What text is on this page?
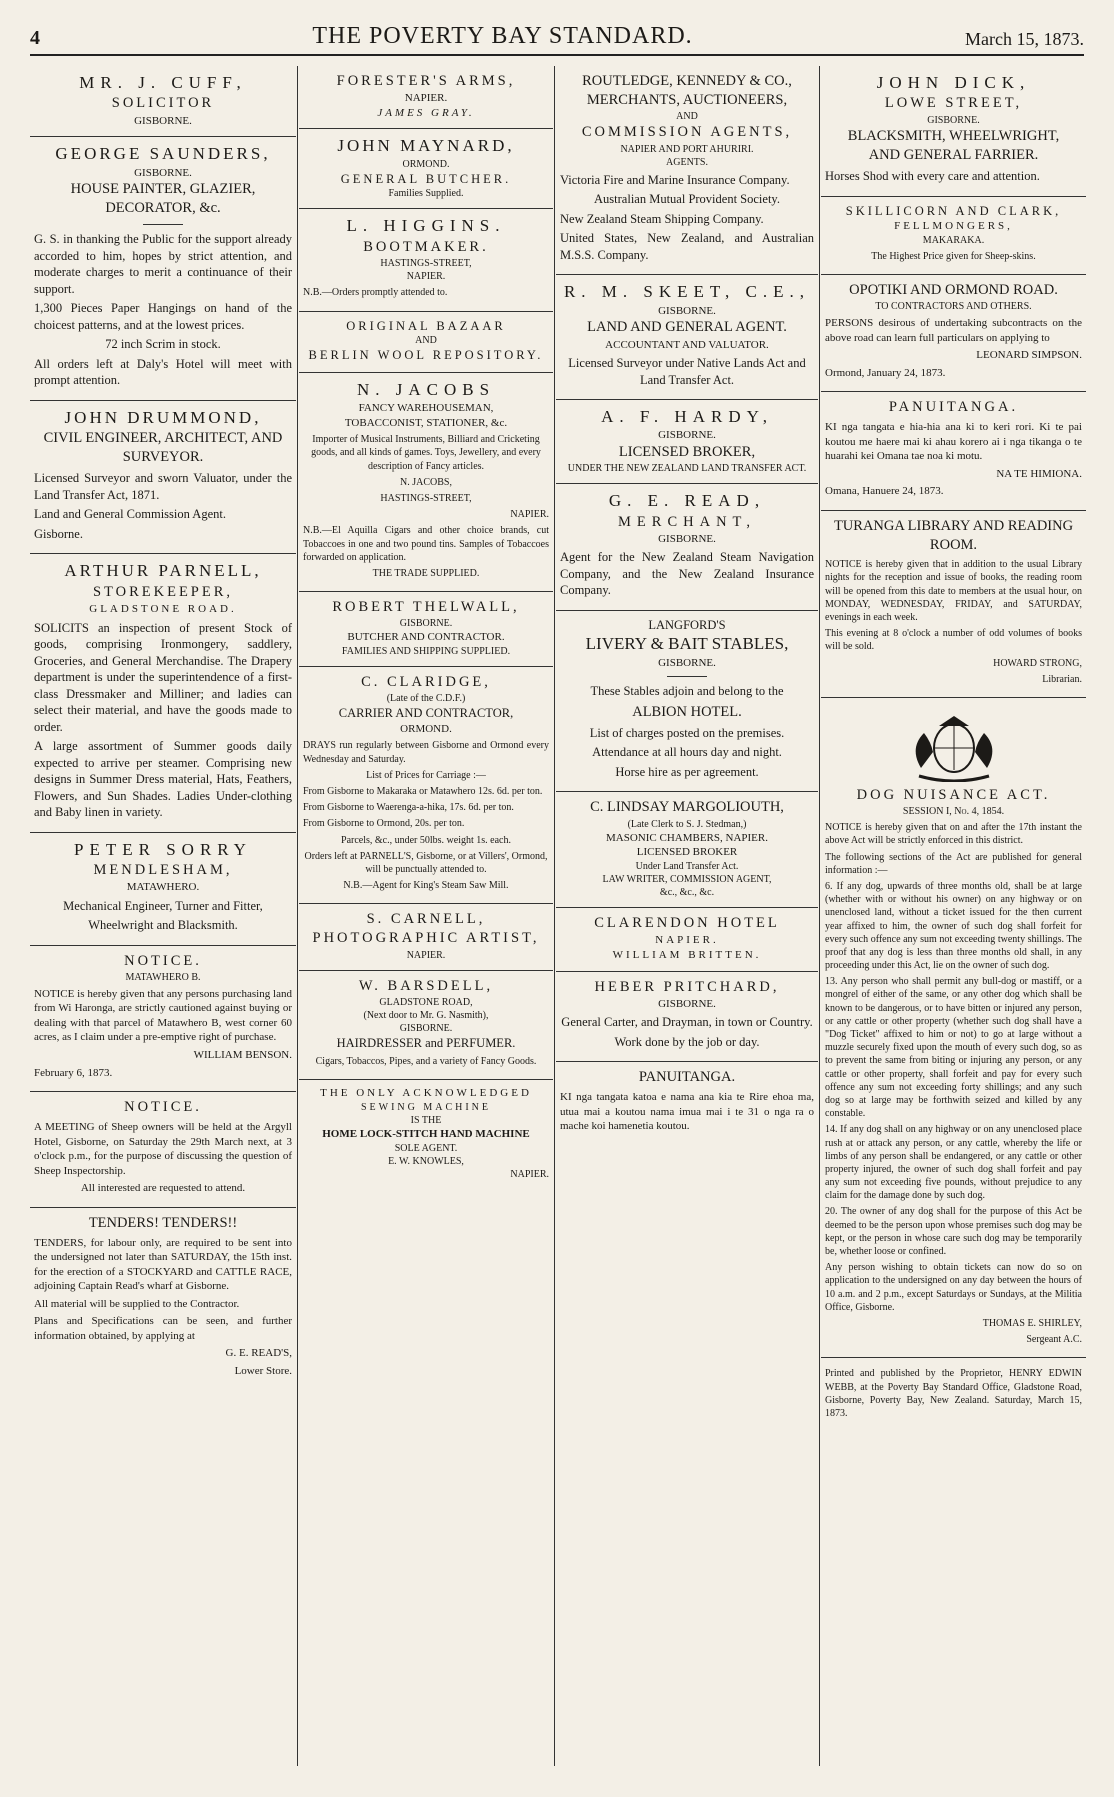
4	THE POVERTY BAY STANDARD.	March 15, 1873.
MR. J. CUFF,
SOLICITOR
GISBORNE.
GEORGE SAUNDERS,
GISBORNE.
HOUSE PAINTER, GLAZIER,
DECORATOR, &c.

G. S. in thanking the Public for the support already accorded to him, hopes by strict attention, and moderate charges to merit a continuance of their support.

1,300 Pieces Paper Hangings on hand of the choicest patterns, and at the lowest prices.

72 inch Scrim in stock.

All orders left at Daly's Hotel will meet with prompt attention.

JOHN DRUMMOND,
CIVIL ENGINEER, ARCHITECT, AND SURVEYOR.

Licensed Surveyor and sworn Valuator, under the Land Transfer Act, 1871.

Land and General Commission Agent.

Gisborne.

ARTHUR PARNELL,
STOREKEEPER,
GLADSTONE ROAD.

SOLICITS an inspection of present Stock of goods, comprising Ironmongery, saddlery, Groceries, and General Merchandise. The Drapery department is under the superintendence of a first-class Dressmaker and Milliner; and ladies can select their material, and have the goods made to order.

A large assortment of Summer goods daily expected to arrive per steamer. Comprising new designs in Summer Dress material, Hats, Feathers, Flowers, and Sun Shades. Ladies Under-clothing and Baby linen in variety.

PETER SORRY
MENDLESHAM,
MATAWHERO.

Mechanical Engineer, Turner and Fitter,

Wheelwright and Blacksmith.

NOTICE.
MATAWHERO B.

NOTICE is hereby given that any persons purchasing land from Wi Haronga, are strictly cautioned against buying or dealing with that parcel of Matawhero B, west corner 60 acres, as I claim under a pre-emptive right of purchase.

WILLIAM BENSON.

February 6, 1873.

NOTICE.

A MEETING of Sheep owners will be held at the Argyll Hotel, Gisborne, on Saturday the 29th March next, at 3 o'clock p.m., for the purpose of discussing the question of Sheep Inspectorship.

All interested are requested to attend.

TENDERS! TENDERS!!

TENDERS, for labour only, are required to be sent into the undersigned not later than SATURDAY, the 15th inst. for the erection of a STOCKYARD and CATTLE RACE, adjoining Captain Read's wharf at Gisborne.

All material will be supplied to the Contractor.

Plans and Specifications can be seen, and further information obtained, by applying at

G. E. READ'S,

Lower Store.

FORESTER'S ARMS,
NAPIER.
JAMES GRAY.
JOHN MAYNARD,
ORMOND.
GENERAL BUTCHER.
Families Supplied.
L. HIGGINS.
BOOTMAKER.
HASTINGS-STREET,
NAPIER.

N.B.—Orders promptly attended to.

ORIGINAL BAZAAR
AND
BERLIN WOOL REPOSITORY.
N. JACOBS
FANCY WAREHOUSEMAN,
TOBACCONIST, STATIONER, &c.

Importer of Musical Instruments, Billiard and Cricketing goods, and all kinds of games. Toys, Jewellery, and every description of Fancy articles.

N. JACOBS,

HASTINGS-STREET,

NAPIER.

N.B.—El Aquilla Cigars and other choice brands, cut Tobaccoes in one and two pound tins. Samples of Tobaccoes forwarded on application.

THE TRADE SUPPLIED.

ROBERT THELWALL,
GISBORNE.
BUTCHER AND CONTRACTOR.
FAMILIES AND SHIPPING SUPPLIED.
C. CLARIDGE,
(Late of the C.D.F.)
CARRIER AND CONTRACTOR,
ORMOND.

DRAYS run regularly between Gisborne and Ormond every Wednesday and Saturday.

List of Prices for Carriage :—

From Gisborne to Makaraka or Matawhero 12s. 6d. per ton.

From Gisborne to Waerenga-a-hika, 17s. 6d. per ton.

From Gisborne to Ormond, 20s. per ton.

Parcels, &c., under 50lbs. weight 1s. each.

Orders left at PARNELL'S, Gisborne, or at Villers', Ormond, will be punctually attended to.

N.B.—Agent for King's Steam Saw Mill.

S. CARNELL,
PHOTOGRAPHIC ARTIST,
NAPIER.
W. BARSDELL,
GLADSTONE ROAD,
(Next door to Mr. G. Nasmith),
GISBORNE.
HAIRDRESSER and PERFUMER.

Cigars, Tobaccos, Pipes, and a variety of Fancy Goods.

THE ONLY ACKNOWLEDGED
SEWING MACHINE
IS THE
HOME LOCK-STITCH HAND MACHINE
SOLE AGENT.
E. W. KNOWLES,
NAPIER.
ROUTLEDGE, KENNEDY & CO.,
MERCHANTS, AUCTIONEERS,
AND
COMMISSION AGENTS,
NAPIER AND PORT AHURIRI.
AGENTS.

Victoria Fire and Marine Insurance Company.

Australian Mutual Provident Society.

New Zealand Steam Shipping Company.

United States, New Zealand, and Australian M.S.S. Company.

R. M. SKEET, C.E.,
GISBORNE.
LAND AND GENERAL AGENT.
ACCOUNTANT AND VALUATOR.

Licensed Surveyor under Native Lands Act and Land Transfer Act.

A. F. HARDY,
GISBORNE.
LICENSED BROKER,
UNDER THE NEW ZEALAND LAND TRANSFER ACT.
G. E. READ,
MERCHANT,
GISBORNE.

Agent for the New Zealand Steam Navigation Company, and the New Zealand Insurance Company.

LANGFORD'S
LIVERY & BAIT STABLES,
GISBORNE.

These Stables adjoin and belong to the

ALBION HOTEL.

List of charges posted on the premises.

Attendance at all hours day and night.

Horse hire as per agreement.

C. LINDSAY MARGOLIOUTH,
(Late Clerk to S. J. Stedman,)
MASONIC CHAMBERS, NAPIER.
LICENSED BROKER
Under Land Transfer Act.
LAW WRITER, COMMISSION AGENT,
&c., &c., &c.
CLARENDON HOTEL
NAPIER.
WILLIAM BRITTEN.
HEBER PRITCHARD,
GISBORNE.

General Carter, and Drayman, in town or Country.

Work done by the job or day.

PANUITANGA.

KI nga tangata katoa e nama ana kia te Rire ehoa ma, utua mai a koutou nama imua mai i te 31 o nga ra o mache koi hamenetia koutou.

JOHN DICK,
LOWE STREET,
GISBORNE.
BLACKSMITH, WHEELWRIGHT,
AND GENERAL FARRIER.

Horses Shod with every care and attention.

SKILLICORN AND CLARK,
FELLMONGERS,
MAKARAKA.

The Highest Price given for Sheep-skins.

OPOTIKI AND ORMOND ROAD.
TO CONTRACTORS AND OTHERS.

PERSONS desirous of undertaking subcontracts on the above road can learn full particulars on applying to

LEONARD SIMPSON.

Ormond, January 24, 1873.

PANUITANGA.

KI nga tangata e hia-hia ana ki to keri rori. Ki te pai koutou me haere mai ki ahau korero ai i nga tikanga o te huarahi kei Omana tae noa ki motu.

NA TE HIMIONA.

Omana, Hanuere 24, 1873.

TURANGA LIBRARY AND READING ROOM.

NOTICE is hereby given that in addition to the usual Library nights for the reception and issue of books, the reading room will be opened from this date to members at the usual hour, on MONDAY, WEDNESDAY, FRIDAY, and SATURDAY, evenings in each week.

This evening at 8 o'clock a number of odd volumes of books will be sold.

HOWARD STRONG,

Librarian.

DOG NUISANCE ACT.
SESSION I, No. 4, 1854.

NOTICE is hereby given that on and after the 17th instant the above Act will be strictly enforced in this district.

The following sections of the Act are published for general information :—

6. If any dog, upwards of three months old, shall be at large (whether with or without his owner) on any highway or on unenclosed land, without a ticket issued for the then current year affixed to him, the owner of such dog shall forfeit for every such offence any sum not exceeding twenty shillings. The proof that any dog is less than three months old shall, in any proceeding under this Act, lie on the owner of such dog.

13. Any person who shall permit any bull-dog or mastiff, or a mongrel of either of the same, or any other dog which shall be known to be dangerous, or to have bitten or injured any person, or any cattle or other property (whether such dog shall have a "Dog Ticket" affixed to him or not) to go at large without a muzzle securely fixed upon the mouth of every such dog, so as to prevent the same from biting or injuring any person, or any cattle or other property, shall forfeit and pay for every such offence any sum not exceeding forty shillings; and any such dog so at large may be forthwith seized and killed by any constable.

14. If any dog shall on any highway or on any unenclosed place rush at or attack any person, or any cattle, whereby the life or limbs of any person shall be endangered, or any cattle or other property injured, the owner of such dog shall forfeit and pay any sum not exceeding five pounds, without prejudice to any claim for the damage done by such dog.

20. The owner of any dog shall for the purpose of this Act be deemed to be the person upon whose premises such dog may be kept, or the person in whose care such dog may be temporarily be, whether loose or confined.

Any person wishing to obtain tickets can now do so on application to the undersigned on any day between the hours of 10 a.m. and 2 p.m., except Saturdays or Sundays, at the Militia Office, Gisborne.

THOMAS E. SHIRLEY,

Sergeant A.C.

Printed and published by the Proprietor, HENRY EDWIN WEBB, at the Poverty Bay Standard Office, Gladstone Road, Gisborne, Poverty Bay, New Zealand. Saturday, March 15, 1873.
